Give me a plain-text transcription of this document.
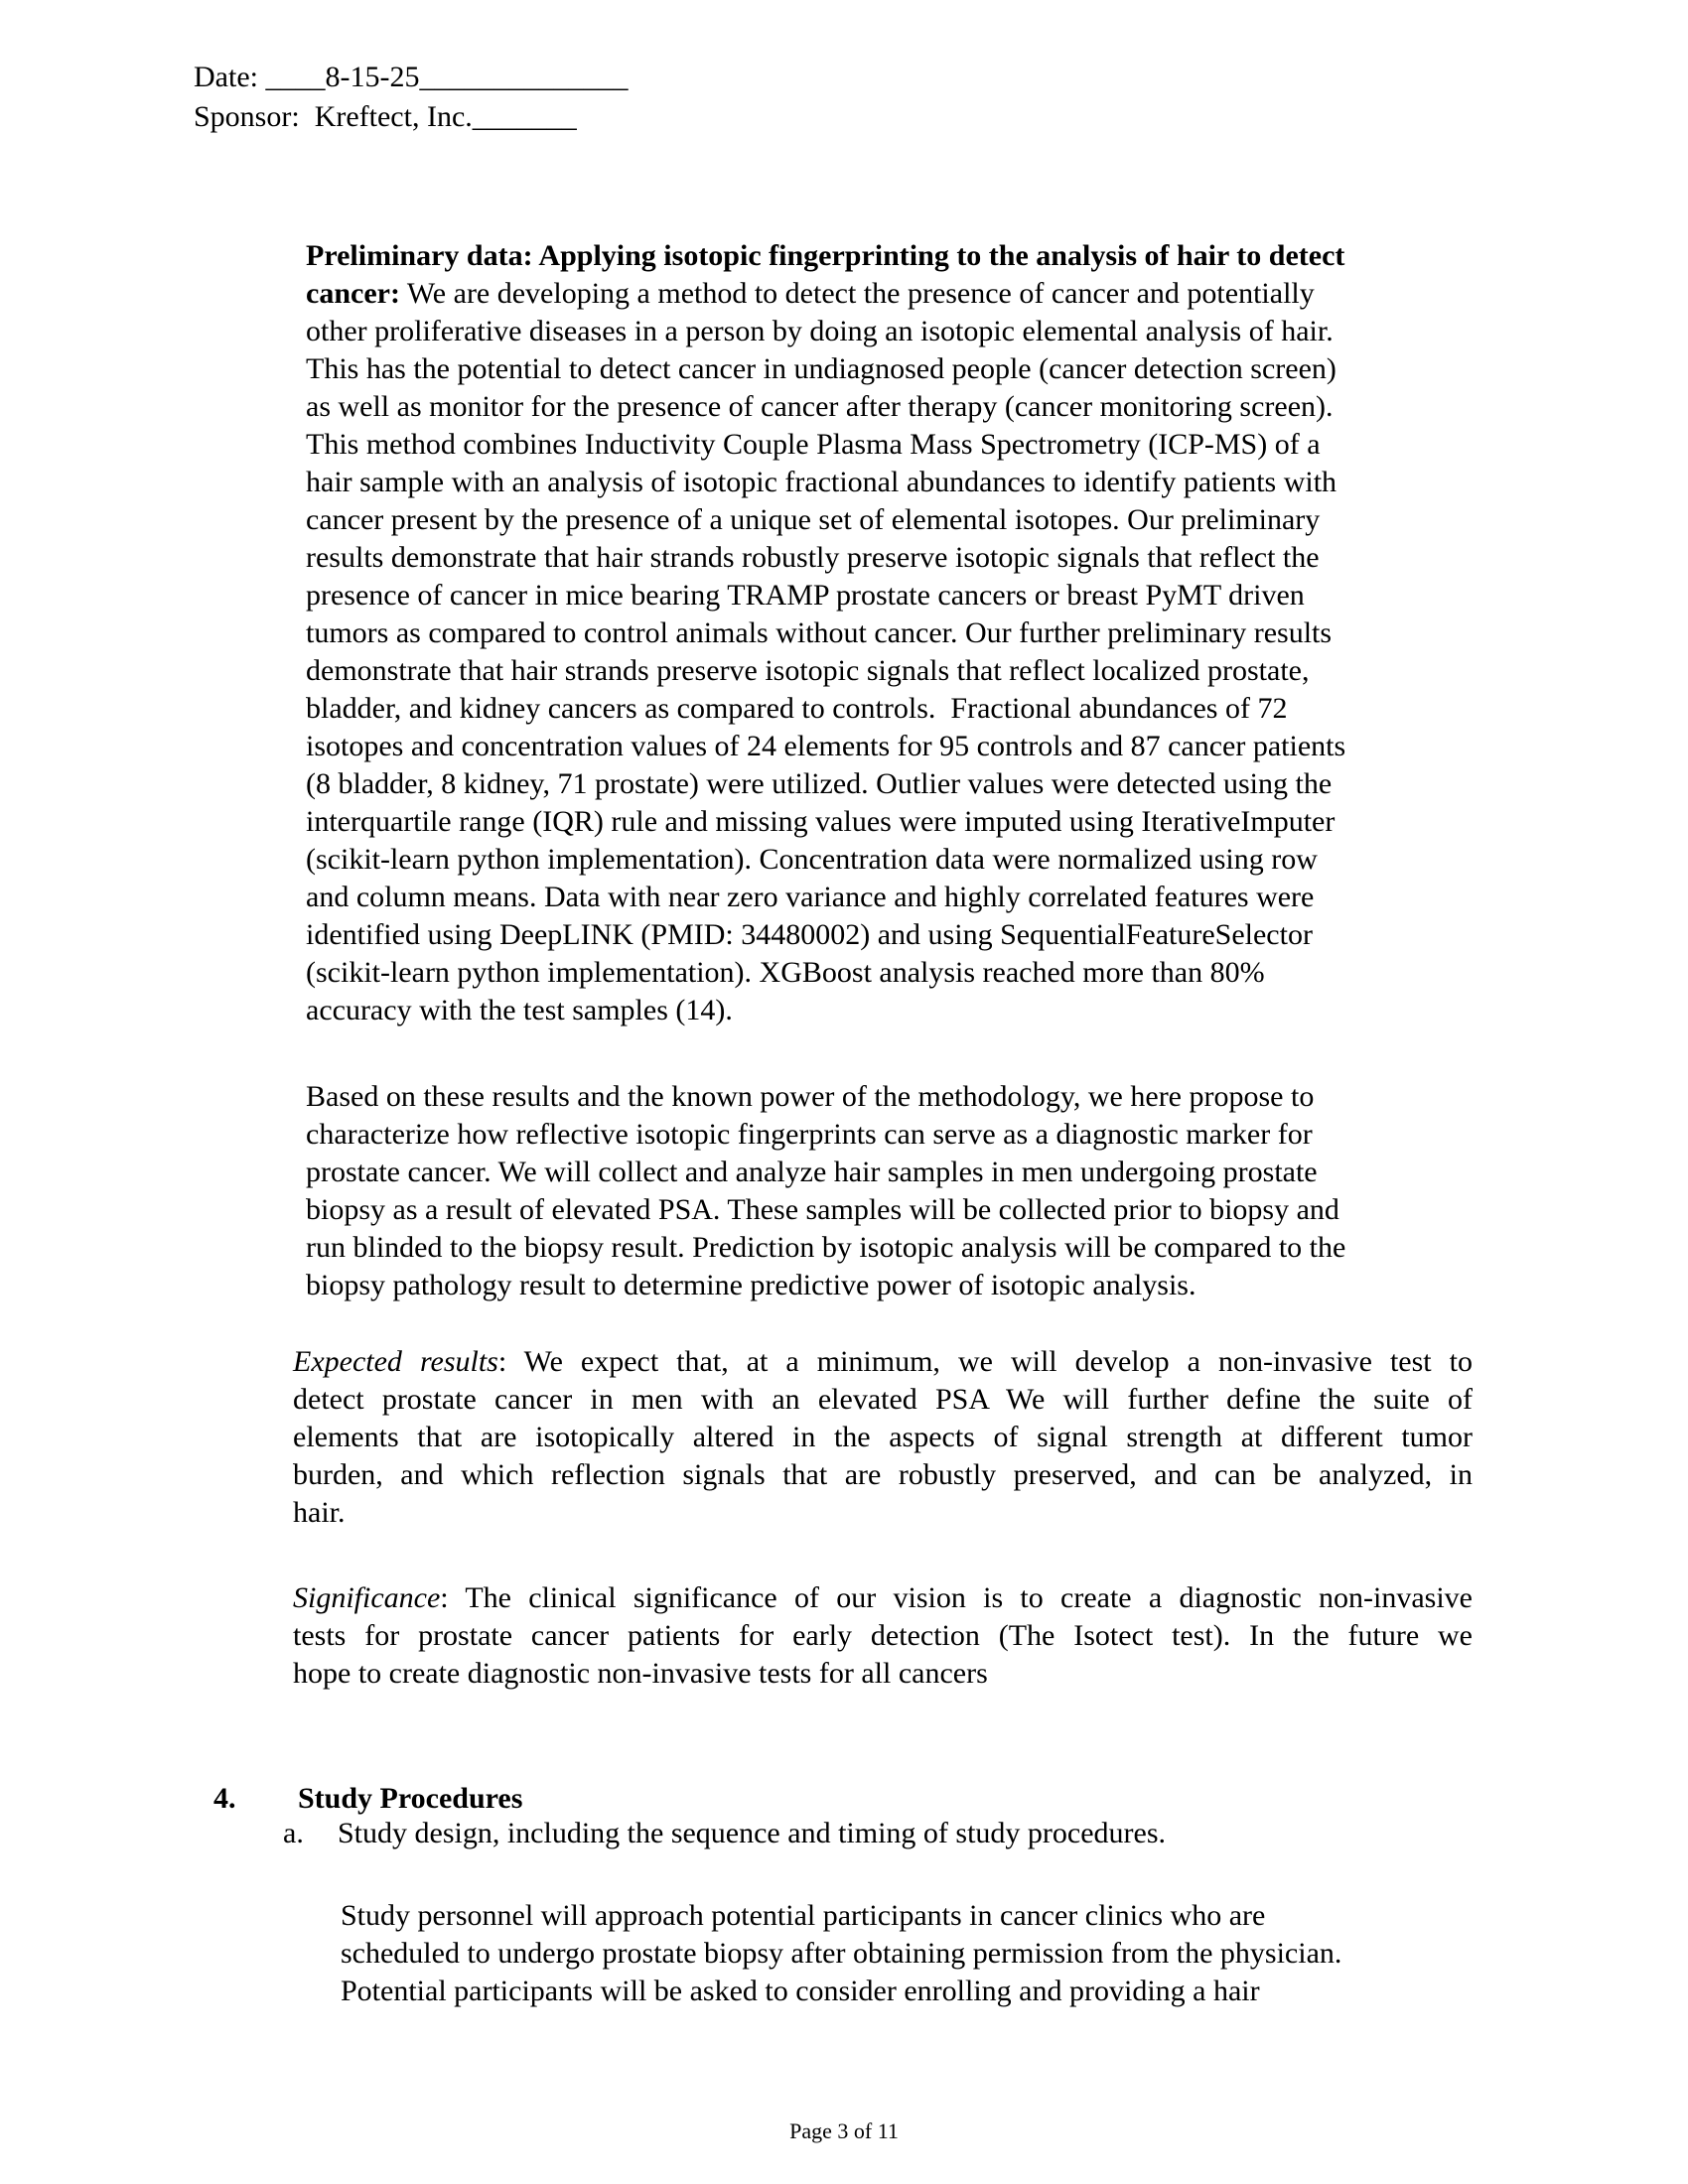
Date: ____8-15-25______________
Sponsor: Kreftect, Inc._______
Preliminary data: Applying isotopic fingerprinting to the analysis of hair to detect
cancer: We are developing a method to detect the presence of cancer and potentially
other proliferative diseases in a person by doing an isotopic elemental analysis of hair.
This has the potential to detect cancer in undiagnosed people (cancer detection screen)
as well as monitor for the presence of cancer after therapy (cancer monitoring screen).
This method combines Inductivity Couple Plasma Mass Spectrometry (ICP-MS) of a
hair sample with an analysis of isotopic fractional abundances to identify patients with
cancer present by the presence of a unique set of elemental isotopes. Our preliminary
results demonstrate that hair strands robustly preserve isotopic signals that reflect the
presence of cancer in mice bearing TRAMP prostate cancers or breast PyMT driven
tumors as compared to control animals without cancer. Our further preliminary results
demonstrate that hair strands preserve isotopic signals that reflect localized prostate,
bladder, and kidney cancers as compared to controls.  Fractional abundances of 72
isotopes and concentration values of 24 elements for 95 controls and 87 cancer patients
(8 bladder, 8 kidney, 71 prostate) were utilized. Outlier values were detected using the
interquartile range (IQR) rule and missing values were imputed using IterativeImputer
(scikit-learn python implementation). Concentration data were normalized using row
and column means. Data with near zero variance and highly correlated features were
identified using DeepLINK (PMID: 34480002) and using SequentialFeatureSelector
(scikit-learn python implementation). XGBoost analysis reached more than 80%
accuracy with the test samples (14).
Based on these results and the known power of the methodology, we here propose to
characterize how reflective isotopic fingerprints can serve as a diagnostic marker for
prostate cancer. We will collect and analyze hair samples in men undergoing prostate
biopsy as a result of elevated PSA. These samples will be collected prior to biopsy and
run blinded to the biopsy result. Prediction by isotopic analysis will be compared to the
biopsy pathology result to determine predictive power of isotopic analysis.
Expected results: We expect that, at a minimum, we will develop a non-invasive test to
detect prostate cancer in men with an elevated PSA We will further define the suite of
elements that are isotopically altered in the aspects of signal strength at different tumor
burden, and which reflection signals that are robustly preserved, and can be analyzed, in
hair.
Significance: The clinical significance of our vision is to create a diagnostic non-invasive
tests for prostate cancer patients for early detection (The Isotect test). In the future we
hope to create diagnostic non-invasive tests for all cancers
Study personnel will approach potential participants in cancer clinics who are
scheduled to undergo prostate biopsy after obtaining permission from the physician.
Potential participants will be asked to consider enrolling and providing a hair
4. Study Procedures
a. Study design, including the sequence and timing of study procedures.
Page 3 of 11
